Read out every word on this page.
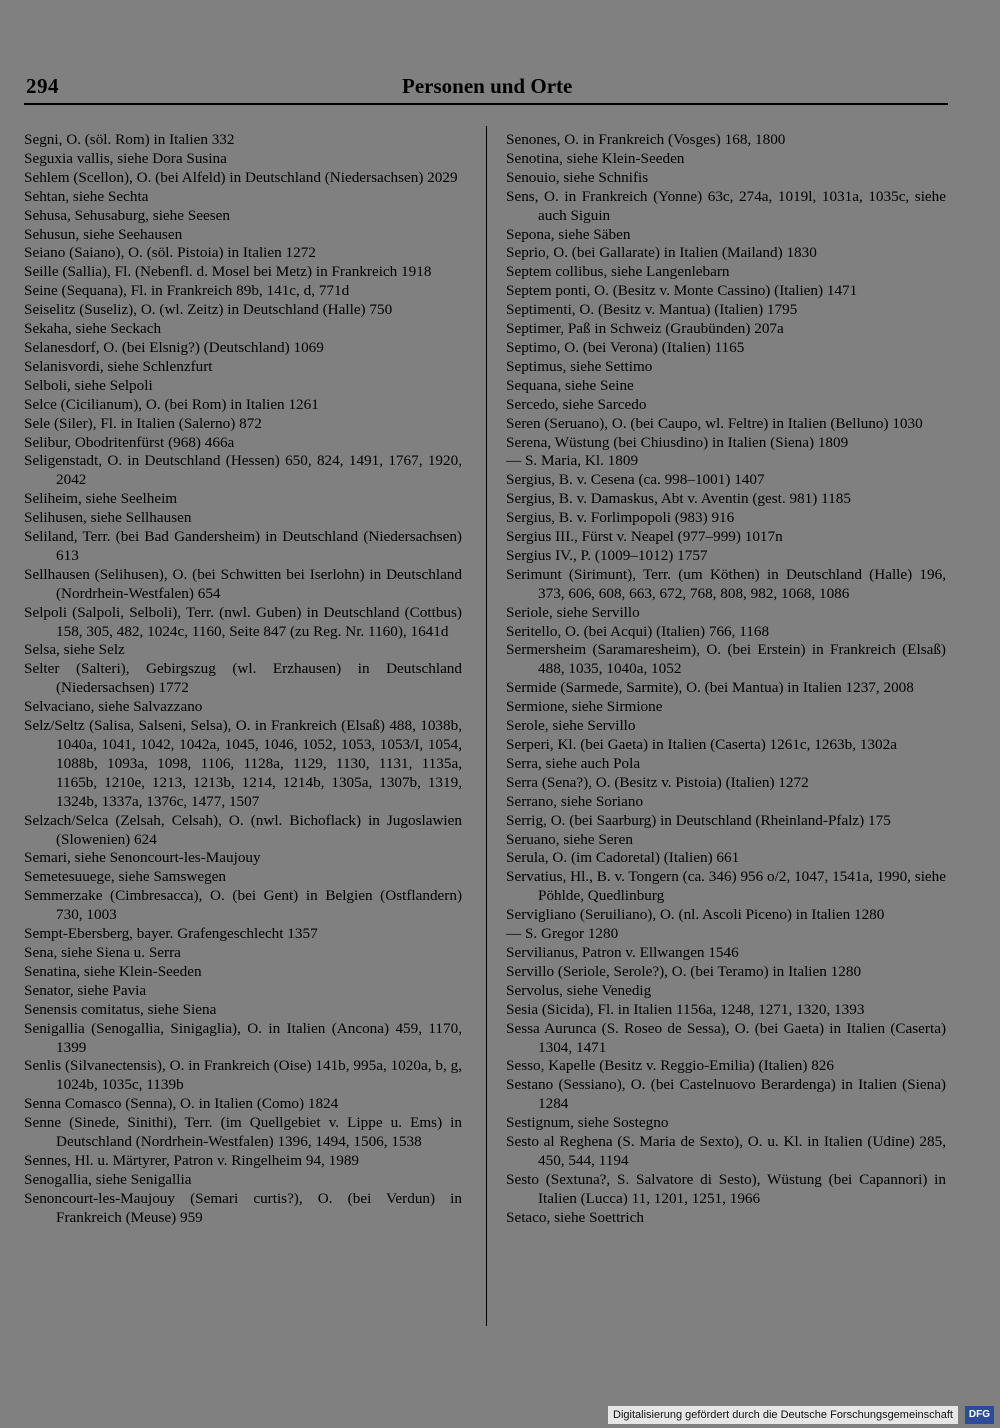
294	Personen und Orte
Segni, O. (söl. Rom) in Italien 332
Seguxia vallis, siehe Dora Susina
Sehlem (Scellon), O. (bei Alfeld) in Deutschland (Niedersachsen) 2029
Sehtan, siehe Sechta
Sehusa, Sehusaburg, siehe Seesen
Sehusun, siehe Seehausen
Seiano (Saiano), O. (söl. Pistoia) in Italien 1272
Seille (Sallia), Fl. (Nebenfl. d. Mosel bei Metz) in Frankreich 1918
Seine (Sequana), Fl. in Frankreich 89b, 141c, d, 771d
Seiselitz (Suseliz), O. (wl. Zeitz) in Deutschland (Halle) 750
Sekaha, siehe Seckach
Selanesdorf, O. (bei Elsnig?) (Deutschland) 1069
Selanisvordi, siehe Schlenzfurt
Selboli, siehe Selpoli
Selce (Cicilianum), O. (bei Rom) in Italien 1261
Sele (Siler), Fl. in Italien (Salerno) 872
Selibur, Obodritenfürst (968) 466a
Seligenstadt, O. in Deutschland (Hessen) 650, 824, 1491, 1767, 1920, 2042
Seliheim, siehe Seelheim
Selihusen, siehe Sellhausen
Seliland, Terr. (bei Bad Gandersheim) in Deutschland (Niedersachsen) 613
Sellhausen (Selihusen), O. (bei Schwitten bei Iserlohn) in Deutschland (Nordrhein-Westfalen) 654
Selpoli (Salpoli, Selboli), Terr. (nwl. Guben) in Deutschland (Cottbus) 158, 305, 482, 1024c, 1160, Seite 847 (zu Reg. Nr. 1160), 1641d
Selsa, siehe Selz
Selter (Salteri), Gebirgszug (wl. Erzhausen) in Deutschland (Niedersachsen) 1772
Selvaciano, siehe Salvazzano
Selz/Seltz (Salisa, Salseni, Selsa), O. in Frankreich (Elsaß) 488, 1038b, 1040a, 1041, 1042, 1042a, 1045, 1046, 1052, 1053, 1053/I, 1054, 1088b, 1093a, 1098, 1106, 1128a, 1129, 1130, 1131, 1135a, 1165b, 1210e, 1213, 1213b, 1214, 1214b, 1305a, 1307b, 1319, 1324b, 1337a, 1376c, 1477, 1507
Selzach/Selca (Zelsah, Celsah), O. (nwl. Bichoflack) in Jugoslawien (Slowenien) 624
Semari, siehe Senoncourt-les-Maujouy
Semetesuuege, siehe Samswegen
Semmerzake (Cimbresacca), O. (bei Gent) in Belgien (Ostflandern) 730, 1003
Sempt-Ebersberg, bayer. Grafengeschlecht 1357
Sena, siehe Siena u. Serra
Senatina, siehe Klein-Seeden
Senator, siehe Pavia
Senensis comitatus, siehe Siena
Senigallia (Senogallia, Sinigaglia), O. in Italien (Ancona) 459, 1170, 1399
Senlis (Silvanectensis), O. in Frankreich (Oise) 141b, 995a, 1020a, b, g, 1024b, 1035c, 1139b
Senna Comasco (Senna), O. in Italien (Como) 1824
Senne (Sinede, Sinithi), Terr. (im Quellgebiet v. Lippe u. Ems) in Deutschland (Nordrhein-Westfalen) 1396, 1494, 1506, 1538
Sennes, Hl. u. Märtyrer, Patron v. Ringelheim 94, 1989
Senogallia, siehe Senigallia
Senoncourt-les-Maujouy (Semari curtis?), O. (bei Verdun) in Frankreich (Meuse) 959
Senones, O. in Frankreich (Vosges) 168, 1800
Senotina, siehe Klein-Seeden
Senouio, siehe Schnifis
Sens, O. in Frankreich (Yonne) 63c, 274a, 1019l, 1031a, 1035c, siehe auch Siguin
Sepona, siehe Säben
Seprio, O. (bei Gallarate) in Italien (Mailand) 1830
Septem collibus, siehe Langenlebarn
Septem ponti, O. (Besitz v. Monte Cassino) (Italien) 1471
Septimenti, O. (Besitz v. Mantua) (Italien) 1795
Septimer, Paß in Schweiz (Graubünden) 207a
Septimo, O. (bei Verona) (Italien) 1165
Septimus, siehe Settimo
Sequana, siehe Seine
Sercedo, siehe Sarcedo
Seren (Seruano), O. (bei Caupo, wl. Feltre) in Italien (Belluno) 1030
Serena, Wüstung (bei Chiusdino) in Italien (Siena) 1809
— S. Maria, Kl. 1809
Sergius, B. v. Cesena (ca. 998–1001) 1407
Sergius, B. v. Damaskus, Abt v. Aventin (gest. 981) 1185
Sergius, B. v. Forlimpopoli (983) 916
Sergius III., Fürst v. Neapel (977–999) 1017n
Sergius IV., P. (1009–1012) 1757
Serimunt (Sirimunt), Terr. (um Köthen) in Deutschland (Halle) 196, 373, 606, 608, 663, 672, 768, 808, 982, 1068, 1086
Seriole, siehe Servillo
Seritello, O. (bei Acqui) (Italien) 766, 1168
Sermersheim (Saramaresheim), O. (bei Erstein) in Frankreich (Elsaß) 488, 1035, 1040a, 1052
Sermide (Sarmede, Sarmite), O. (bei Mantua) in Italien 1237, 2008
Sermione, siehe Sirmione
Serole, siehe Servillo
Serperi, Kl. (bei Gaeta) in Italien (Caserta) 1261c, 1263b, 1302a
Serra, siehe auch Pola
Serra (Sena?), O. (Besitz v. Pistoia) (Italien) 1272
Serrano, siehe Soriano
Serrig, O. (bei Saarburg) in Deutschland (Rheinland-Pfalz) 175
Seruano, siehe Seren
Serula, O. (im Cadoretal) (Italien) 661
Servatius, Hl., B. v. Tongern (ca. 346) 956 o/2, 1047, 1541a, 1990, siehe Pöhlde, Quedlinburg
Servigliano (Seruiliano), O. (nl. Ascoli Piceno) in Italien 1280
— S. Gregor 1280
Servilianus, Patron v. Ellwangen 1546
Servillo (Seriole, Serole?), O. (bei Teramo) in Italien 1280
Servolus, siehe Venedig
Sesia (Sicida), Fl. in Italien 1156a, 1248, 1271, 1320, 1393
Sessa Aurunca (S. Roseo de Sessa), O. (bei Gaeta) in Italien (Caserta) 1304, 1471
Sesso, Kapelle (Besitz v. Reggio-Emilia) (Italien) 826
Sestano (Sessiano), O. (bei Castelnuovo Berardenga) in Italien (Siena) 1284
Sestignum, siehe Sostegno
Sesto al Reghena (S. Maria de Sexto), O. u. Kl. in Italien (Udine) 285, 450, 544, 1194
Sesto (Sextuna?, S. Salvatore di Sesto), Wüstung (bei Capannori) in Italien (Lucca) 11, 1201, 1251, 1966
Setaco, siehe Soettrich
Digitalisierung gefördert durch die Deutsche Forschungsgemeinschaft	DFG
